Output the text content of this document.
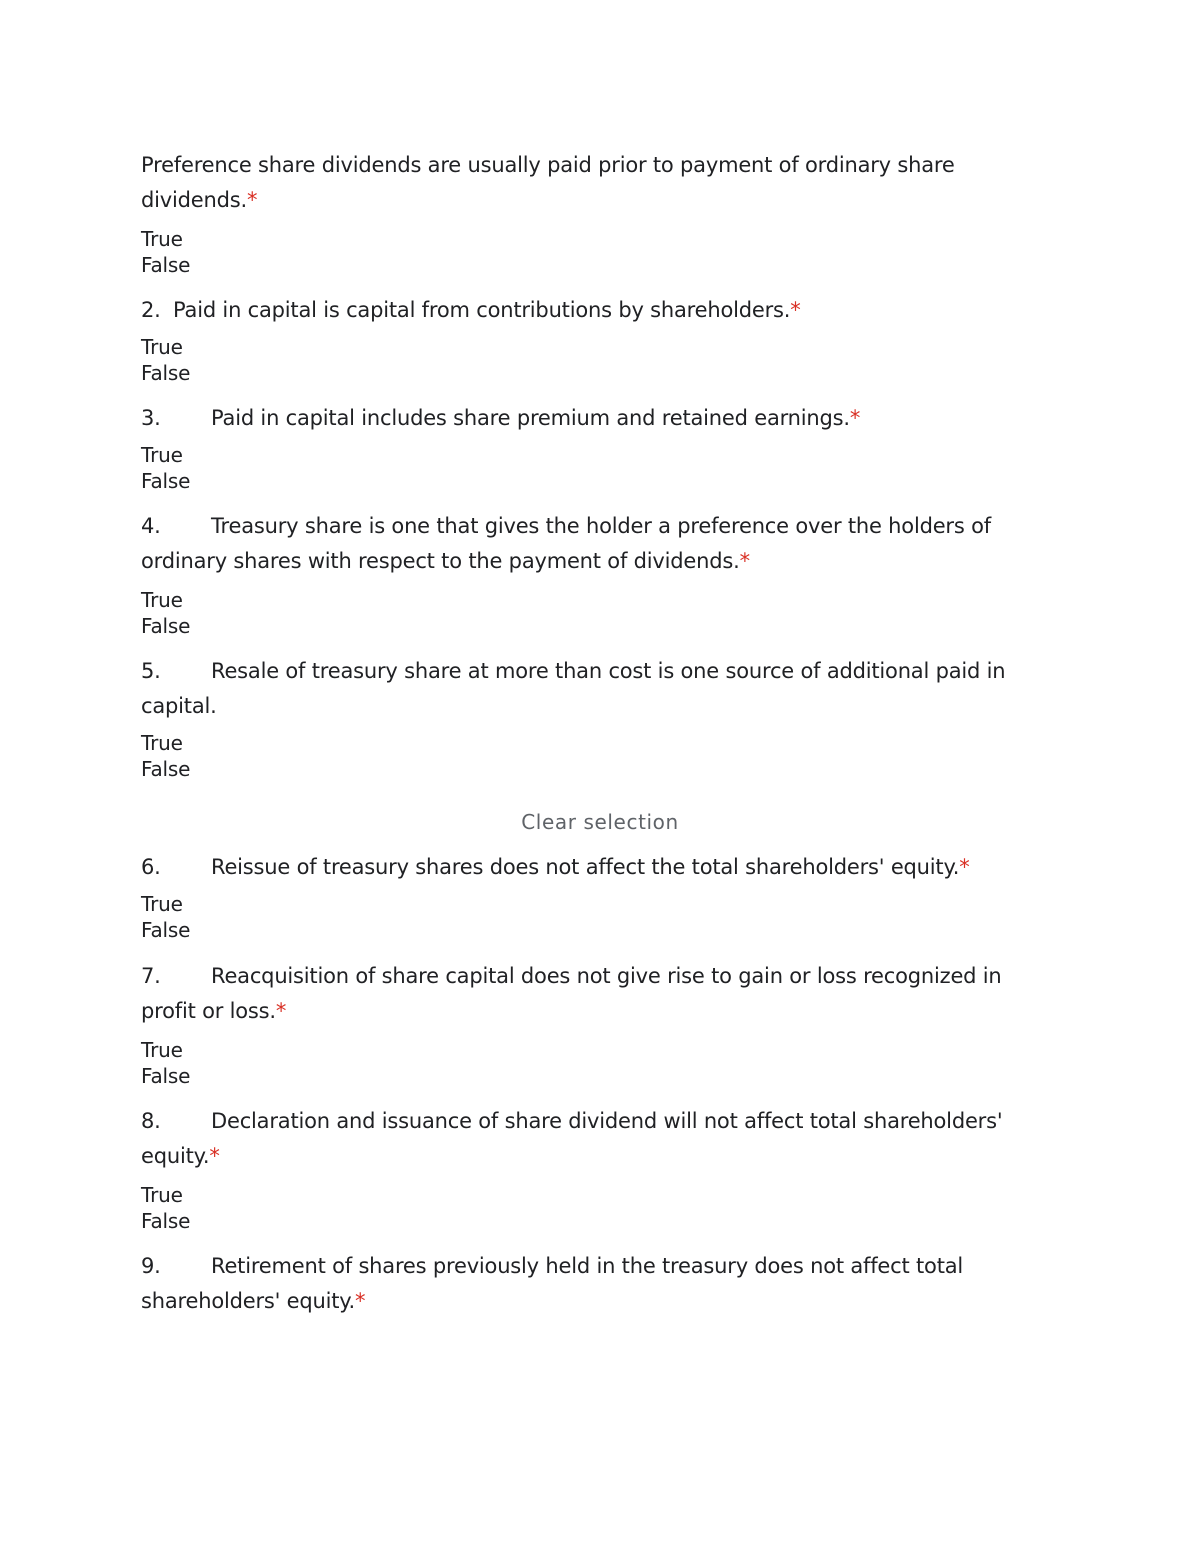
Preference share dividends are usually paid prior to payment of ordinary share dividends.*
True
False
2. Paid in capital is capital from contributions by shareholders.*
True
False
3. Paid in capital includes share premium and retained earnings.*
True
False
4. Treasury share is one that gives the holder a preference over the holders of ordinary shares with respect to the payment of dividends.*
True
False
5. Resale of treasury share at more than cost is one source of additional paid in capital.
True
False
Clear selection
6. Reissue of treasury shares does not affect the total shareholders' equity.*
True
False
7. Reacquisition of share capital does not give rise to gain or loss recognized in profit or loss.*
True
False
8. Declaration and issuance of share dividend will not affect total shareholders' equity.*
True
False
9. Retirement of shares previously held in the treasury does not affect total shareholders' equity.*
